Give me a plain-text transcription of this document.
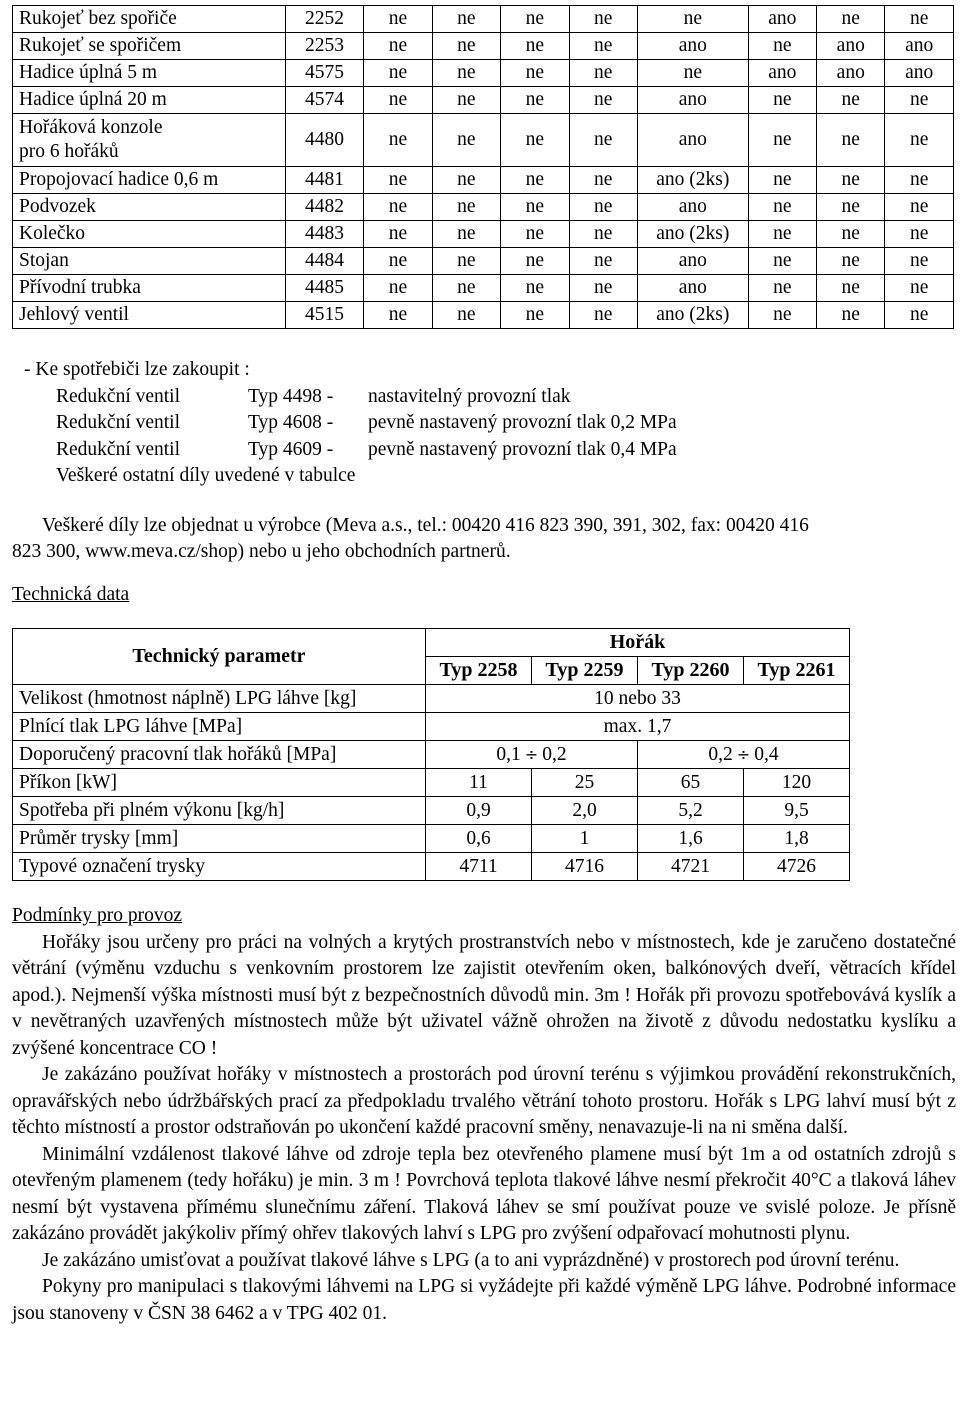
Rukojeť bez spořiče	2252	ne	ne	ne	ne	ne	ano	ne	ne
Rukojeť se spořičem	2253	ne	ne	ne	ne	ano	ne	ano	ano
Hadice úplná 5 m	4575	ne	ne	ne	ne	ne	ano	ano	ano
Hadice úplná 20 m	4574	ne	ne	ne	ne	ano	ne	ne	ne

Hořáková konzole
pro 6 hořáků	4480	ne	ne	ne	ne	ano	ne	ne	ne
Propojovací hadice 0,6 m	4481	ne	ne	ne	ne	ano (2ks)	ne	ne	ne
Podvozek	4482	ne	ne	ne	ne	ano	ne	ne	ne
Kolečko	4483	ne	ne	ne	ne	ano (2ks)	ne	ne	ne
Stojan	4484	ne	ne	ne	ne	ano	ne	ne	ne
Přívodní trubka	4485	ne	ne	ne	ne	ano	ne	ne	ne
Jehlový ventil	4515	ne	ne	ne	ne	ano (2ks)	ne	ne	ne
- Ke spotřebiči lze zakoupit :
Redukční ventil	Typ 4498 - nastavitelný provozní tlak
Redukční ventil	Typ 4608 - pevně nastavený provozní tlak 0,2 MPa
Redukční ventil	Typ 4609 - pevně nastavený provozní tlak 0,4 MPa
Veškeré ostatní díly uvedené v tabulce
Veškeré díly lze objednat u výrobce (Meva a.s., tel.: 00420 416 823 390, 391, 302, fax: 00420 416
823 300, www.meva.cz/shop) nebo u jeho obchodních partnerů.
Technická data
Technický parametr	Hořák			
	Typ 2258	Typ 2259	Typ 2260	Typ 2261
Velikost (hmotnost náplně) LPG láhve [kg]	10 nebo 33			
Plnící tlak LPG láhve [MPa]	max. 1,7			
Doporučený pracovní tlak hořáků [MPa]	0,1 ÷ 0,2		0,2 ÷ 0,4	
Příkon [kW]	11	25	65	120
Spotřeba při plném výkonu [kg/h]	0,9	2,0	5,2	9,5
Průměr trysky [mm]	0,6	1	1,6	1,8
Typové označení trysky	4711	4716	4721	4726
Podmínky pro provoz
Hořáky jsou určeny pro práci na volných a krytých prostranstvích nebo v místnostech, kde je zaručeno dostatečné větrání (výměnu vzduchu s venkovním prostorem lze zajistit otevřením oken, balkónových dveří, větracích křídel apod.). Nejmenší výška místnosti musí být z bezpečnostních důvodů min. 3m ! Hořák při provozu spotřebovává kyslík a v nevětraných uzavřených místnostech může být uživatel vážně ohrožen na životě z důvodu nedostatku kyslíku a zvýšené koncentrace CO !
Je zakázáno používat hořáky v místnostech a prostorách pod úrovní terénu s výjimkou provádění rekonstrukčních, opravářských nebo údržbářských prací za předpokladu trvalého větrání tohoto prostoru. Hořák s LPG lahví musí být z těchto místností a prostor odstraňován po ukončení každé pracovní směny, nenavazuje-li na ni směna další.
Minimální vzdálenost tlakové láhve od zdroje tepla bez otevřeného plamene musí být 1m a od ostatních zdrojů s otevřeným plamenem (tedy hořáku) je min. 3 m ! Povrchová teplota tlakové láhve nesmí překročit 40°C a tlaková láhev nesmí být vystavena přímému slunečnímu záření. Tlaková láhev se smí používat pouze ve svislé poloze. Je přísně zakázáno provádět jakýkoliv přímý ohřev tlakových lahví s LPG pro zvýšení odpařovací mohutnosti plynu.
Je zakázáno umisťovat a používat tlakové láhve s LPG (a to ani vyprázdněné) v prostorech pod úrovní terénu.
Pokyny pro manipulaci s tlakovými láhvemi na LPG si vyžádejte při každé výměně LPG láhve. Podrobné informace jsou stanoveny v ČSN 38 6462 a v TPG 402 01.
